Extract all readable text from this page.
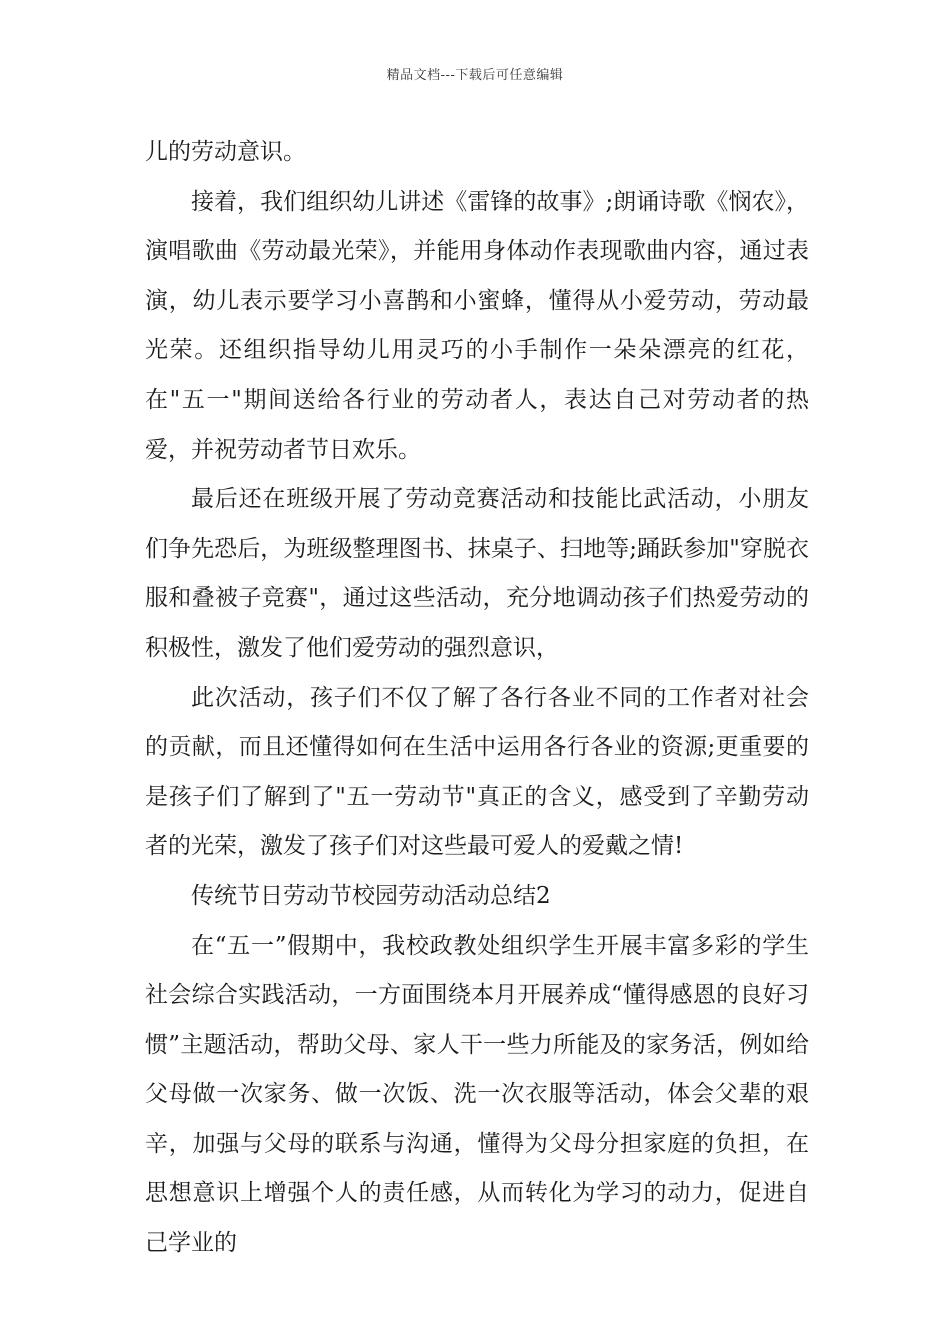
精品文档---下载后可任意编辑

儿的劳动意识。

接着，我们组织幼儿讲述《雷锋的故事》;朗诵诗歌《悯农》，演唱歌曲《劳动最光荣》，并能用身体动作表现歌曲内容，通过表演，幼儿表示要学习小喜鹊和小蜜蜂，懂得从小爱劳动，劳动最光荣。还组织指导幼儿用灵巧的小手制作一朵朵漂亮的红花，在"五一"期间送给各行业的劳动者人，表达自己对劳动者的热爱，并祝劳动者节日欢乐。

最后还在班级开展了劳动竞赛活动和技能比武活动，小朋友们争先恐后，为班级整理图书、抹桌子、扫地等;踊跃参加"穿脱衣服和叠被子竞赛"，通过这些活动，充分地调动孩子们热爱劳动的积极性，激发了他们爱劳动的强烈意识，

此次活动，孩子们不仅了解了各行各业不同的工作者对社会的贡献，而且还懂得如何在生活中运用各行各业的资源;更重要的是孩子们了解到了"五一劳动节"真正的含义，感受到了辛勤劳动者的光荣，激发了孩子们对这些最可爱人的爱戴之情!

传统节日劳动节校园劳动活动总结2

在“五一”假期中，我校政教处组织学生开展丰富多彩的学生社会综合实践活动，一方面围绕本月开展养成“懂得感恩的良好习惯”主题活动，帮助父母、家人干一些力所能及的家务活，例如给父母做一次家务、做一次饭、洗一次衣服等活动，体会父辈的艰辛，加强与父母的联系与沟通，懂得为父母分担家庭的负担，在思想意识上增强个人的责任感，从而转化为学习的动力，促进自己学业的
